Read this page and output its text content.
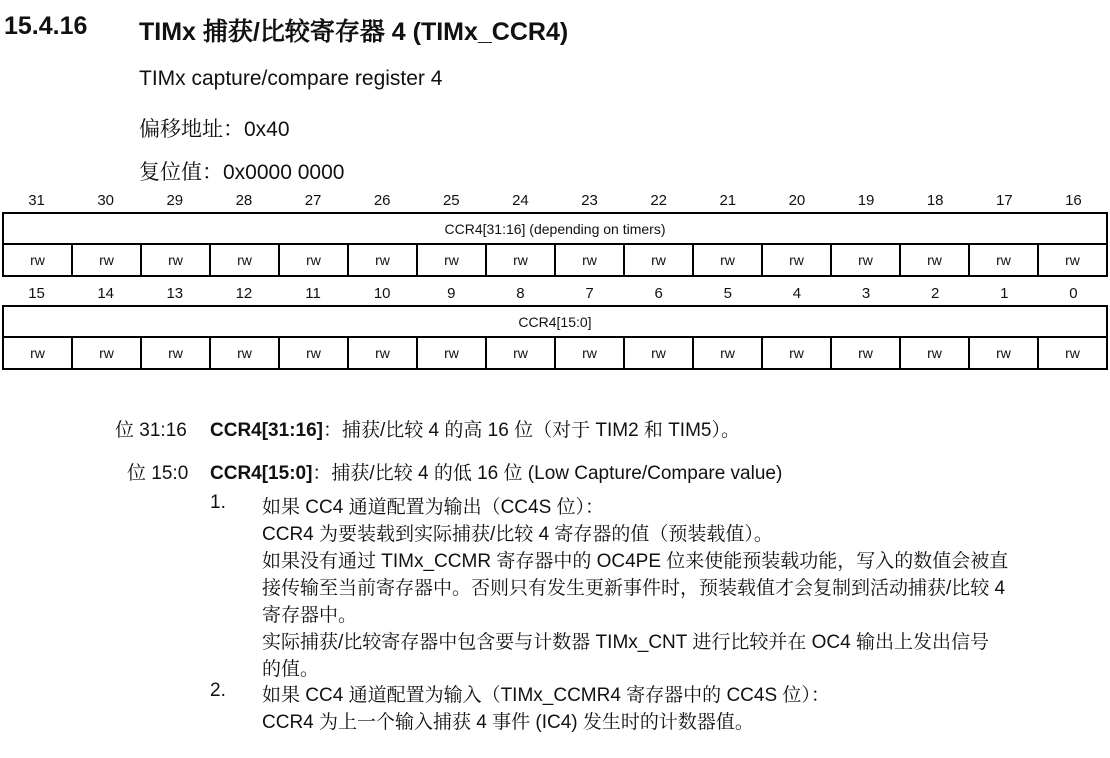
15.4.16 TIMx 捕获/比较寄存器 4 (TIMx_CCR4)
TIMx capture/compare register 4
偏移地址：0x40
复位值：0x0000 0000
31	30	29	28	27	26	25	24	23	22	21	20	19	18	17	16
CCR4[31:16] (depending on timers)
rw	rw	rw	rw	rw	rw	rw	rw	rw	rw	rw	rw	rw	rw	rw	rw
15	14	13	12	11	10	9	8	7	6	5	4	3	2	1	0
CCR4[15:0]
rw	rw	rw	rw	rw	rw	rw	rw	rw	rw	rw	rw	rw	rw	rw	rw
位 31:16 CCR4[31:16]：捕获/比较 4 的高 16 位（对于 TIM2 和 TIM5）。
位 15:0 CCR4[15:0]：捕获/比较 4 的低 16 位 (Low Capture/Compare value)
1. 如果 CC4 通道配置为输出（CC4S 位）：
CCR4 为要装载到实际捕获/比较 4 寄存器的值（预装载值）。
如果没有通过 TIMx_CCMR 寄存器中的 OC4PE 位来使能预装载功能，写入的数值会被直
接传输至当前寄存器中。否则只有发生更新事件时，预装载值才会复制到活动捕获/比较 4
寄存器中。
实际捕获/比较寄存器中包含要与计数器 TIMx_CNT 进行比较并在 OC4 输出上发出信号
的值。
2. 如果 CC4 通道配置为输入（TIMx_CCMR4 寄存器中的 CC4S 位）：
CCR4 为上一个输入捕获 4 事件 (IC4) 发生时的计数器值。
